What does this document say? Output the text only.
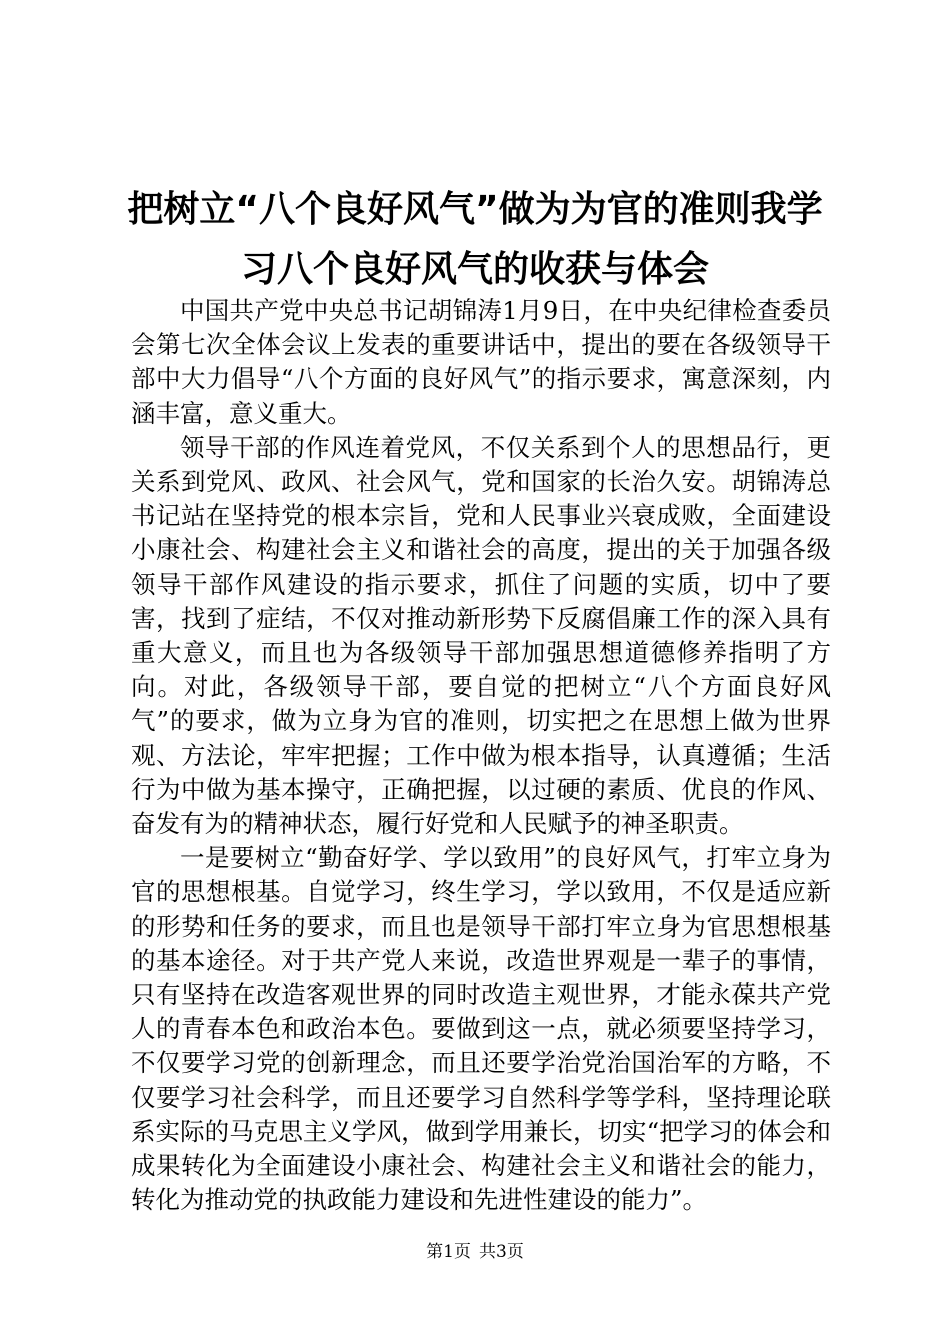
把树立“八个良好风气”做为为官的准则我学
习八个良好风气的收获与体会

中国共产党中央总书记胡锦涛1月9日，在中央纪律检查委员会第七次全体会议上发表的重要讲话中，提出的要在各级领导干部中大力倡导“八个方面的良好风气”的指示要求，寓意深刻，内涵丰富，意义重大。

领导干部的作风连着党风，不仅关系到个人的思想品行，更关系到党风、政风、社会风气，党和国家的长治久安。胡锦涛总书记站在坚持党的根本宗旨，党和人民事业兴衰成败，全面建设小康社会、构建社会主义和谐社会的高度，提出的关于加强各级领导干部作风建设的指示要求，抓住了问题的实质，切中了要害，找到了症结，不仅对推动新形势下反腐倡廉工作的深入具有重大意义，而且也为各级领导干部加强思想道德修养指明了方向。对此，各级领导干部，要自觉的把树立“八个方面良好风气”的要求，做为立身为官的准则，切实把之在思想上做为世界观、方法论，牢牢把握；工作中做为根本指导，认真遵循；生活行为中做为基本操守，正确把握，以过硬的素质、优良的作风、奋发有为的精神状态，履行好党和人民赋予的神圣职责。

一是要树立“勤奋好学、学以致用”的良好风气，打牢立身为官的思想根基。自觉学习，终生学习，学以致用，不仅是适应新的形势和任务的要求，而且也是领导干部打牢立身为官思想根基的基本途径。对于共产党人来说，改造世界观是一辈子的事情，只有坚持在改造客观世界的同时改造主观世界，才能永葆共产党人的青春本色和政治本色。要做到这一点，就必须要坚持学习，不仅要学习党的创新理念，而且还要学治党治国治军的方略，不仅要学习社会科学，而且还要学习自然科学等学科，坚持理论联系实际的马克思主义学风，做到学用兼长，切实“把学习的体会和成果转化为全面建设小康社会、构建社会主义和谐社会的能力，转化为推动党的执政能力建设和先进性建设的能力”。

第1页 共3页
